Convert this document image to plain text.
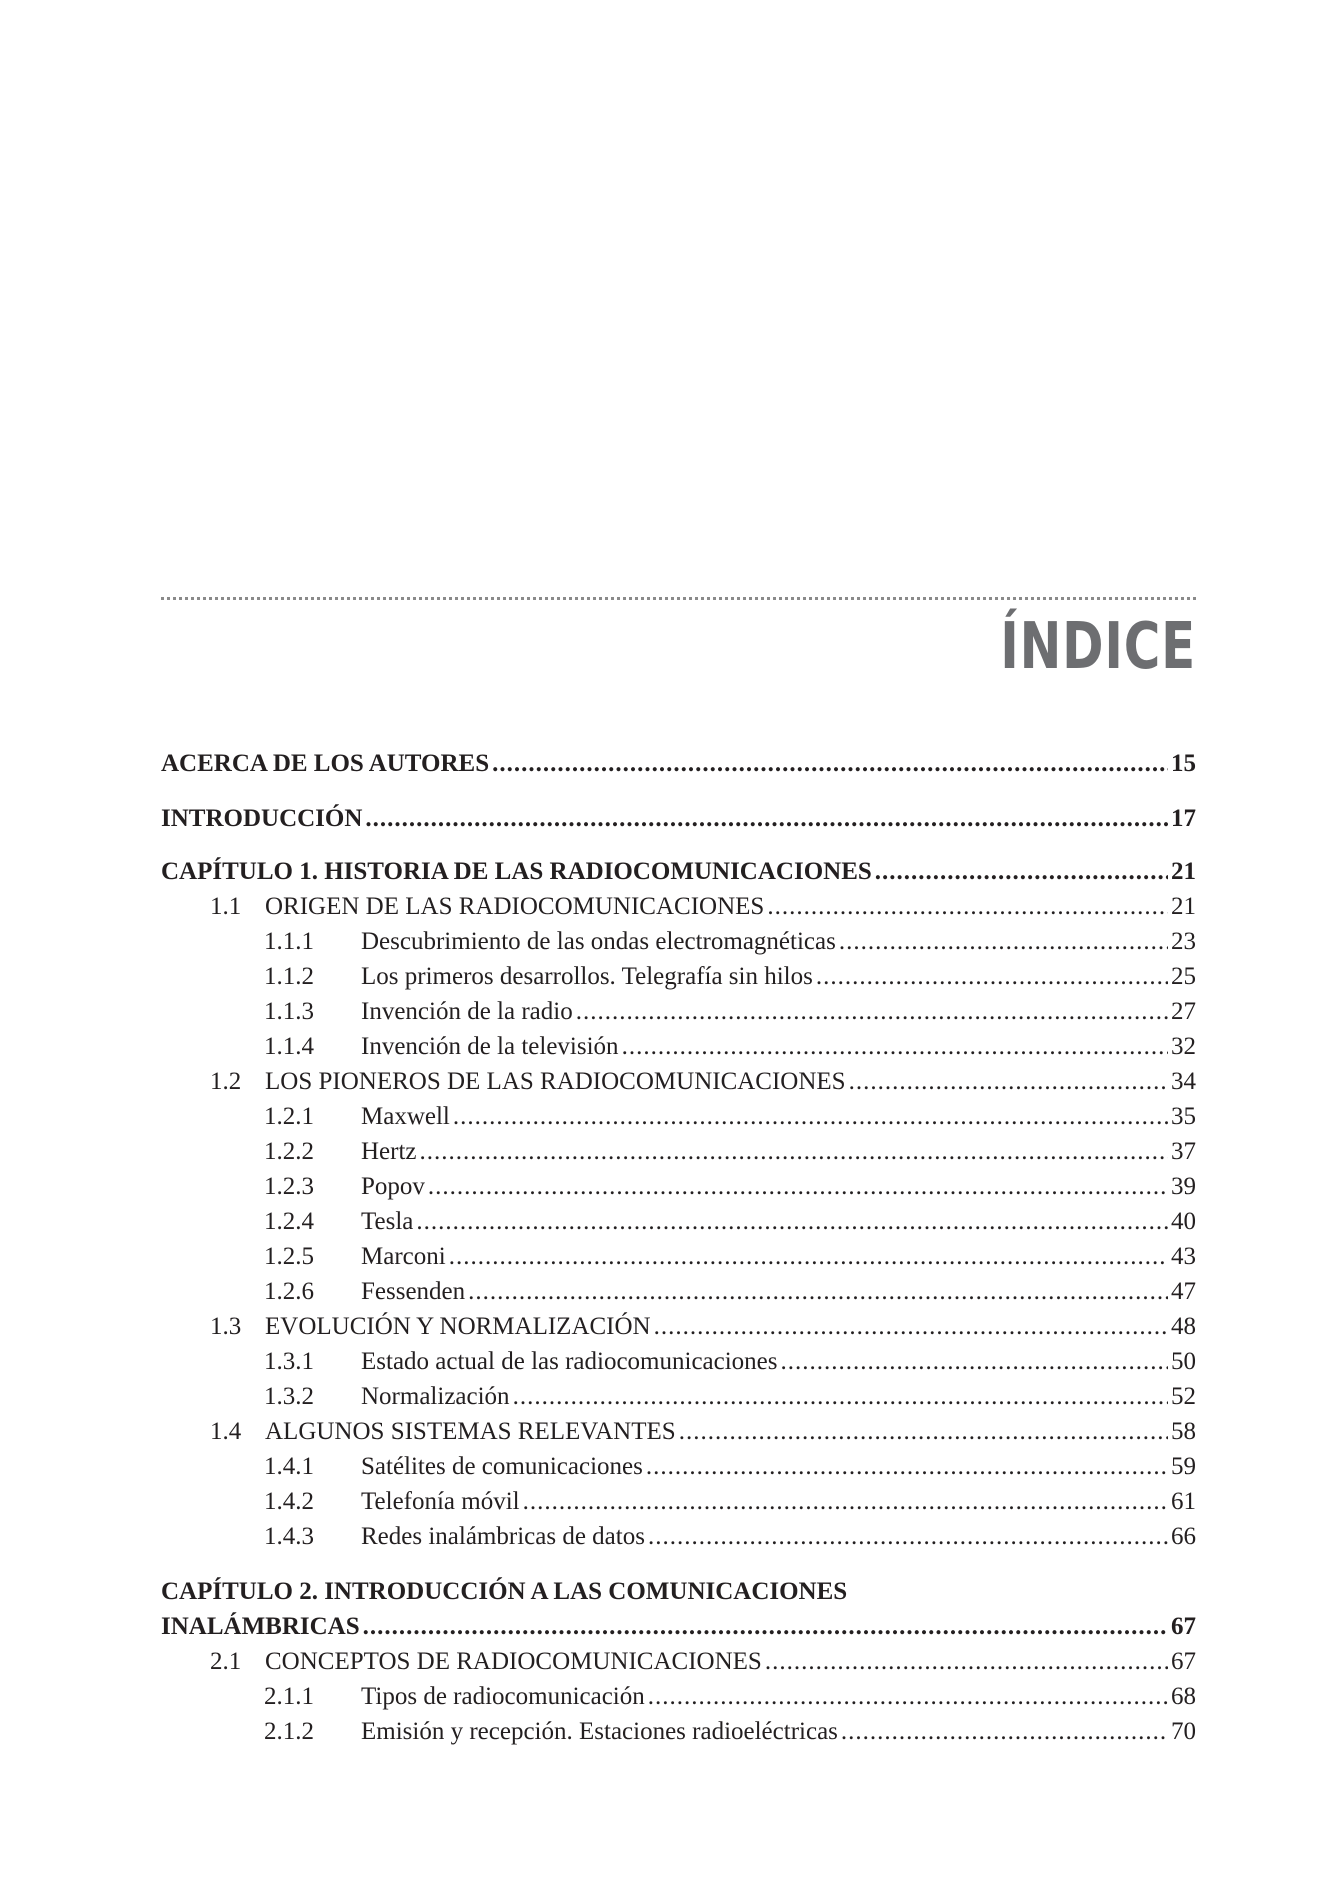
ÍNDICE
ACERCA DE LOS AUTORES .....	15
INTRODUCCIÓN .....	17
CAPÍTULO 1. HISTORIA DE LAS RADIOCOMUNICACIONES .....	21
1.1 ORIGEN DE LAS RADIOCOMUNICACIONES .....	21
1.1.1 Descubrimiento de las ondas electromagnéticas .....	23
1.1.2 Los primeros desarrollos. Telegrafía sin hilos .....	25
1.1.3 Invención de la radio .....	27
1.1.4 Invención de la televisión .....	32
1.2 LOS PIONEROS DE LAS RADIOCOMUNICACIONES .....	34
1.2.1 Maxwell .....	35
1.2.2 Hertz .....	37
1.2.3 Popov .....	39
1.2.4 Tesla .....	40
1.2.5 Marconi .....	43
1.2.6 Fessenden .....	47
1.3 EVOLUCIÓN Y NORMALIZACIÓN .....	48
1.3.1 Estado actual de las radiocomunicaciones .....	50
1.3.2 Normalización .....	52
1.4 ALGUNOS SISTEMAS RELEVANTES .....	58
1.4.1 Satélites de comunicaciones .....	59
1.4.2 Telefonía móvil .....	61
1.4.3 Redes inalámbricas de datos .....	66
CAPÍTULO 2. INTRODUCCIÓN A LAS COMUNICACIONES
INALÁMBRICAS .....	67
2.1 CONCEPTOS DE RADIOCOMUNICACIONES .....	67
2.1.1 Tipos de radiocomunicación .....	68
2.1.2 Emisión y recepción. Estaciones radioeléctricas .....	70
